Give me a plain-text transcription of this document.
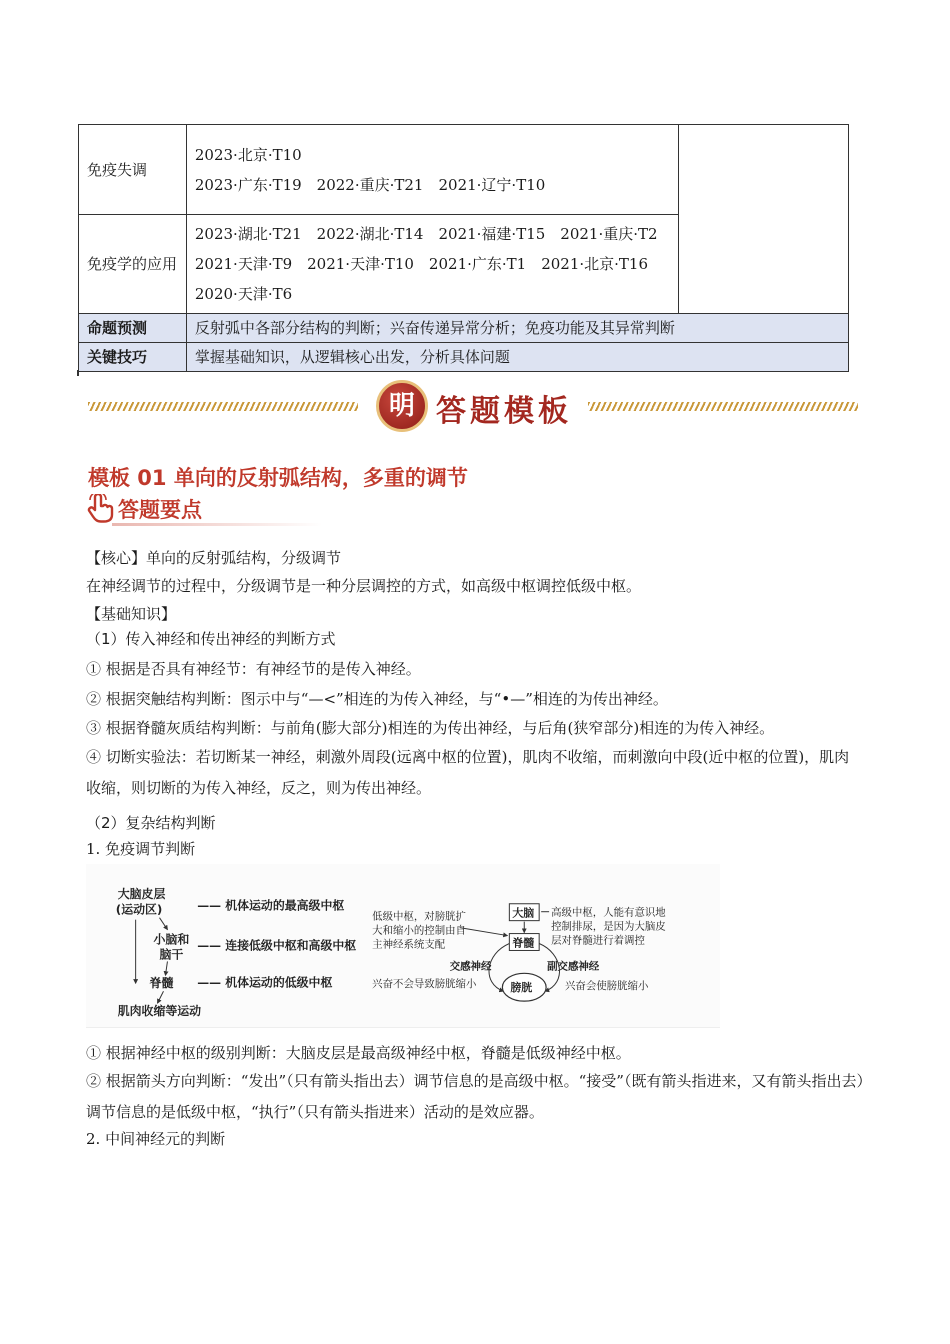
免疫失调	2023·北京·T10
2023·广东·T19　2022·重庆·T21　2021·辽宁·T10	

免疫学的应用	2023·湖北·T21　2022·湖北·T14　2021·福建·T15　2021·重庆·T2
2021·天津·T9　2021·天津·T10　2021·广东·T1　2021·北京·T16
2020·天津·T6	

命题预测	反射弧中各部分结构的判断；兴奋传递异常分析；免疫功能及其异常判断	
关键技巧	掌握基础知识，从逻辑核心出发，分析具体问题	
明 答题模板
模板 01 单向的反射弧结构，多重的调节
答题要点
【核心】单向的反射弧结构，分级调节
在神经调节的过程中，分级调节是一种分层调控的方式，如高级中枢调控低级中枢。
【基础知识】
（1）传入神经和传出神经的判断方式
① 根据是否具有神经节：有神经节的是传入神经。
② 根据突触结构判断：图示中与“—<”相连的为传入神经，与“•—”相连的为传出神经。
③ 根据脊髓灰质结构判断：与前角(膨大部分)相连的为传出神经，与后角(狭窄部分)相连的为传入神经。
④ 切断实验法：若切断某一神经，刺激外周段(远离中枢的位置)，肌肉不收缩，而刺激向中段(近中枢的位置)，肌肉收缩，则切断的为传入神经，反之，则为传出神经。
（2）复杂结构判断
1. 免疫调节判断
大脑皮层
(运动区)
小脑和
脑干
脊髓
肌肉收缩等运动
—— 机体运动的最高级中枢
—— 连接低级中枢和高级中枢
—— 机体运动的低级中枢
低级中枢，对膀胱扩
大和缩小的控制由自
主神经系统支配
大脑
脊髓
高级中枢，人能有意识地
控制排尿，是因为大脑皮
层对脊髓进行着调控
膀胱
交感神经	副交感神经
兴奋不会导致膀胱缩小	兴奋会使膀胱缩小
① 根据神经中枢的级别判断：大脑皮层是最高级神经中枢，脊髓是低级神经中枢。
② 根据箭头方向判断：“发出”（只有箭头指出去）调节信息的是高级中枢。“接受”（既有箭头指进来，又有箭头指出去）调节信息的是低级中枢，“执行”（只有箭头指进来）活动的是效应器。
2. 中间神经元的判断
